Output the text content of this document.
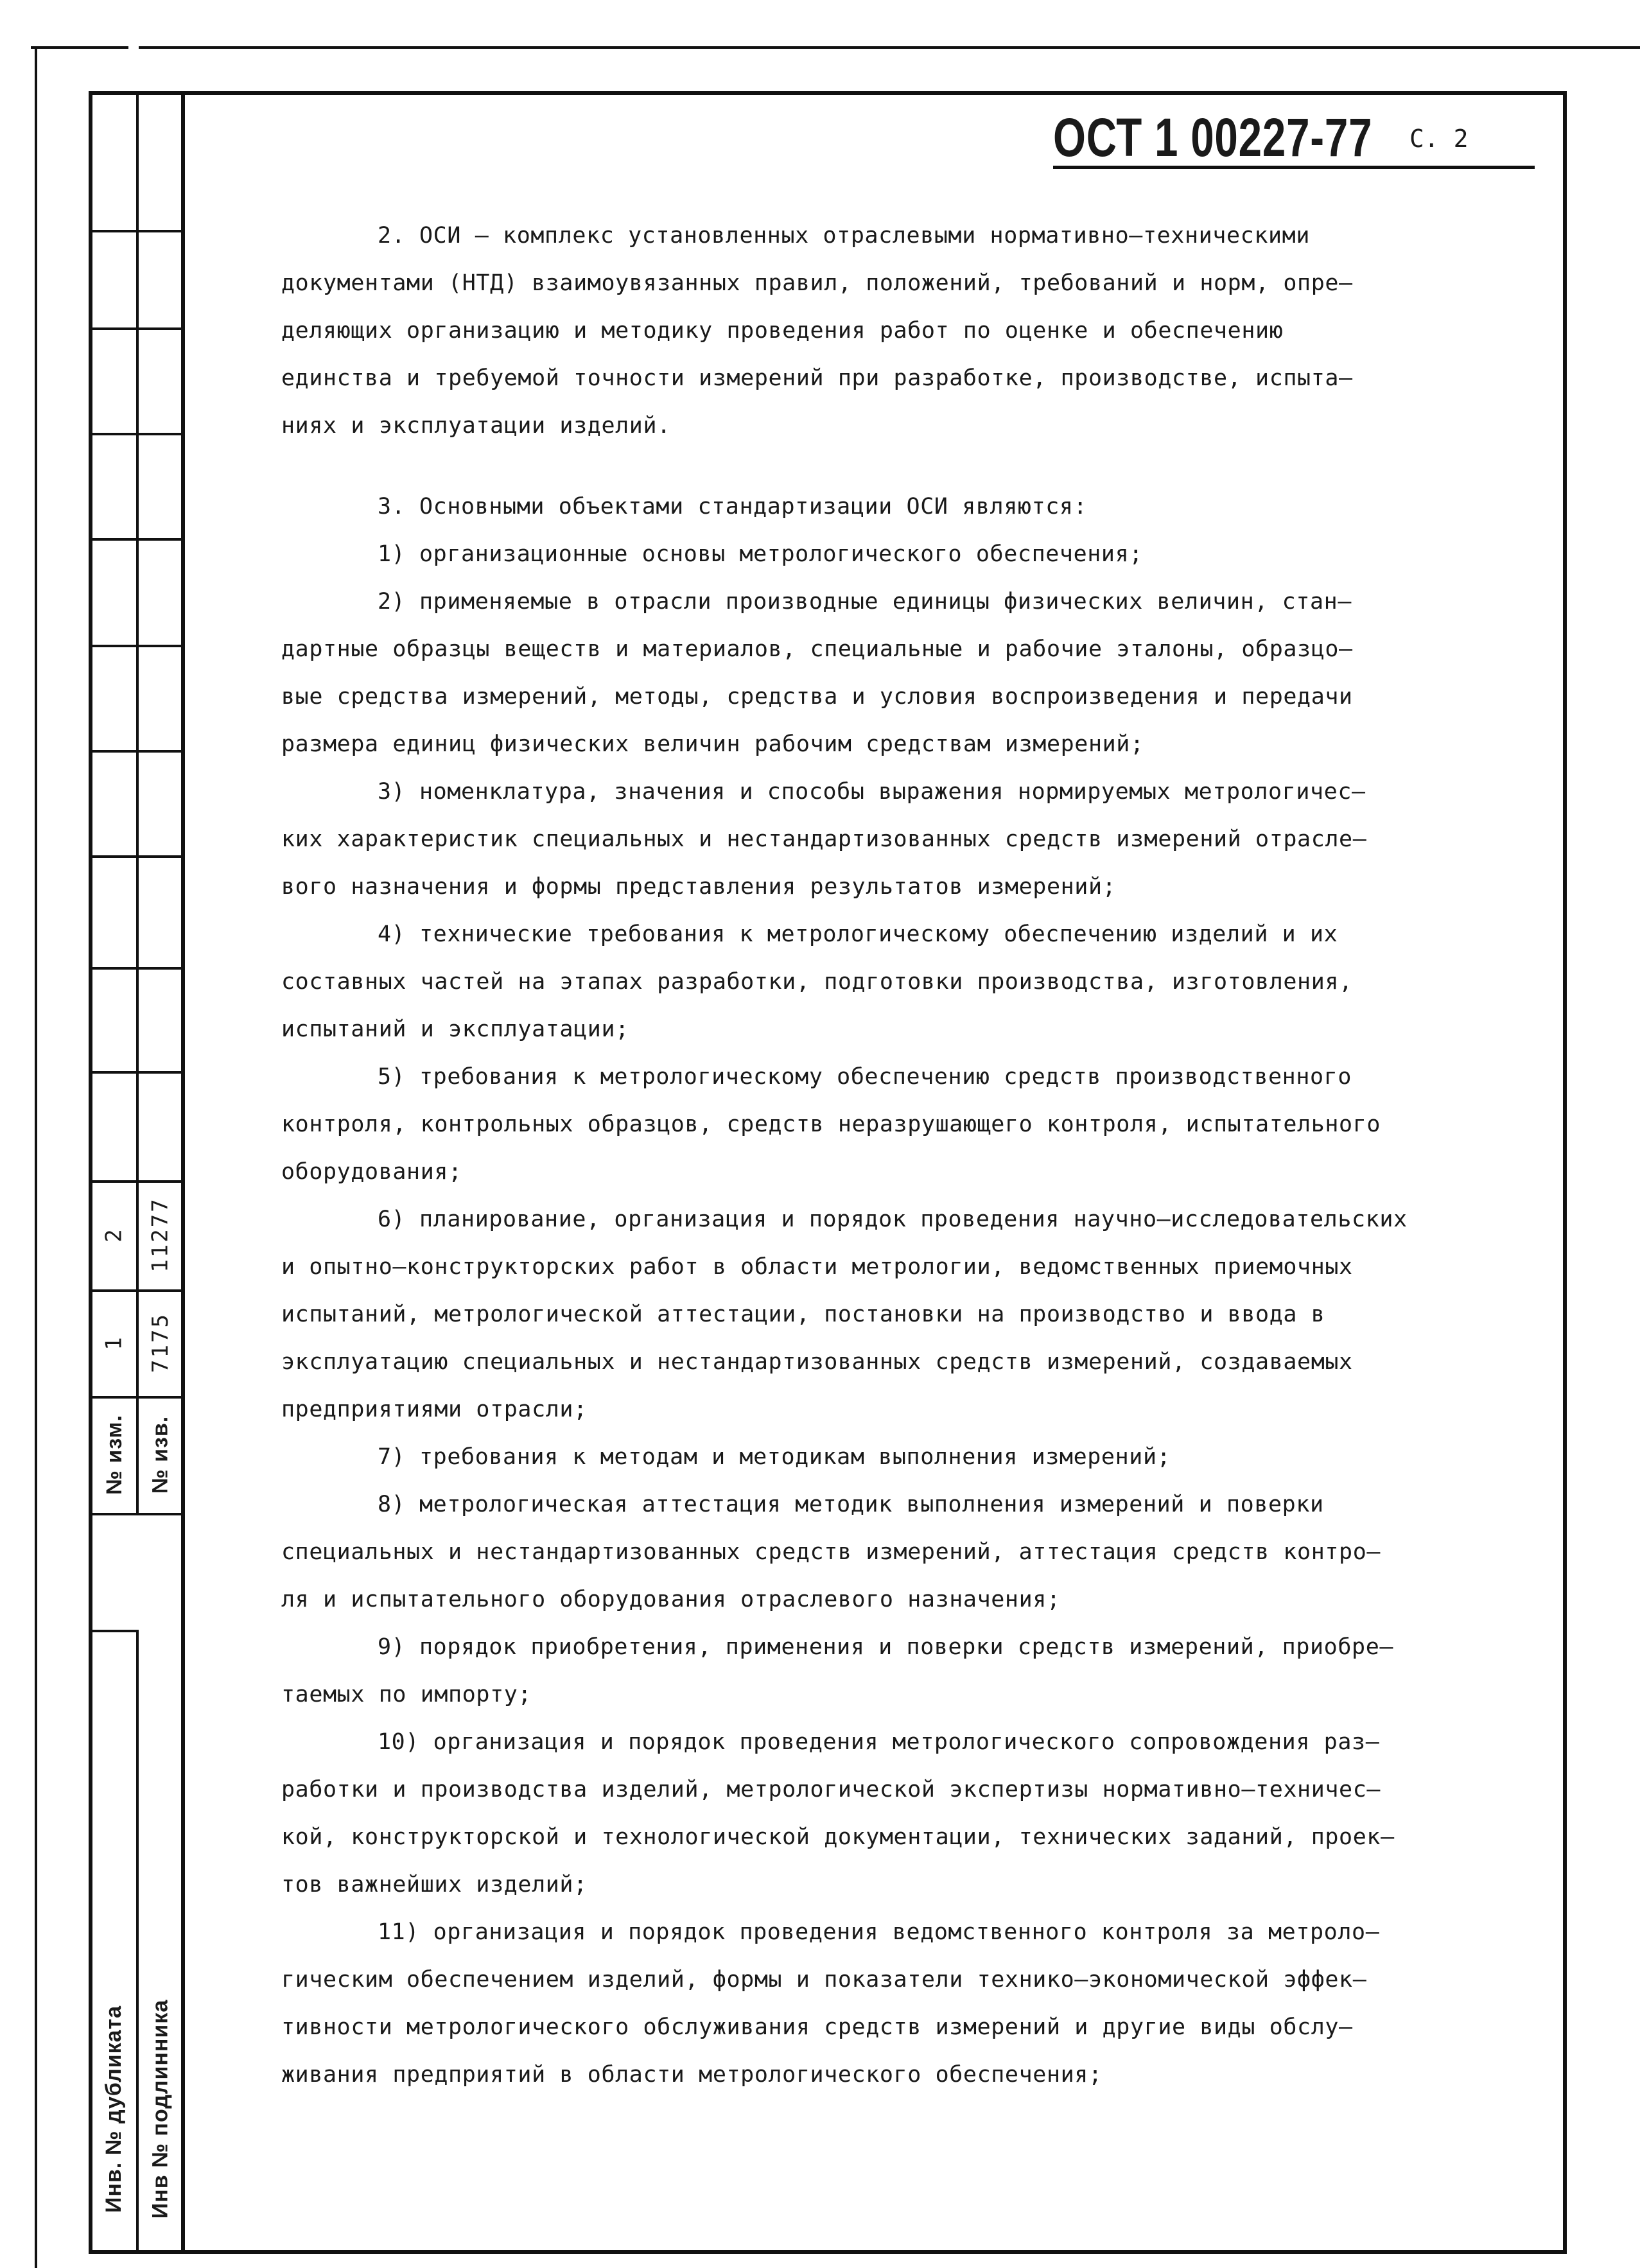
2 11277
1 7175
№ изм. № изв.
Инв. № дубликата Инв № подлинника
ОСТ 1 00227-77 С. 2
2. ОСИ – комплекс установленных отраслевыми нормативно–техническими
документами (НТД) взаимоувязанных правил, положений, требований и норм, опре–
деляющих организацию и методику проведения работ по оценке и обеспечению
единства и требуемой точности измерений при разработке, производстве, испыта–
ниях и эксплуатации изделий.
3. Основными объектами стандартизации ОСИ являются:
1) организационные основы метрологического обеспечения;
2) применяемые в отрасли производные единицы физических величин, стан–
дартные образцы веществ и материалов, специальные и рабочие эталоны, образцо–
вые средства измерений, методы, средства и условия воспроизведения и передачи
размера единиц физических величин рабочим средствам измерений;
3) номенклатура, значения и способы выражения нормируемых метрологичес–
ких характеристик специальных и нестандартизованных средств измерений отрасле–
вого назначения и формы представления результатов измерений;
4) технические требования к метрологическому обеспечению изделий и их
составных частей на этапах разработки, подготовки производства, изготовления,
испытаний и эксплуатации;
5) требования к метрологическому обеспечению средств производственного
контроля, контрольных образцов, средств неразрушающего контроля, испытательного
оборудования;
6) планирование, организация и порядок проведения научно–исследовательских
и опытно–конструкторских работ в области метрологии, ведомственных приемочных
испытаний, метрологической аттестации, постановки на производство и ввода в
эксплуатацию специальных и нестандартизованных средств измерений, создаваемых
предприятиями отрасли;
7) требования к методам и методикам выполнения измерений;
8) метрологическая аттестация методик выполнения измерений и поверки
специальных и нестандартизованных средств измерений, аттестация средств контро–
ля и испытательного оборудования отраслевого назначения;
9) порядок приобретения, применения и поверки средств измерений, приобре–
таемых по импорту;
10) организация и порядок проведения метрологического сопровождения раз–
работки и производства изделий, метрологической экспертизы нормативно–техничес–
кой, конструкторской и технологической документации, технических заданий, проек–
тов важнейших изделий;
11) организация и порядок проведения ведомственного контроля за метроло–
гическим обеспечением изделий, формы и показатели технико–экономической эффек–
тивности метрологического обслуживания средств измерений и другие виды обслу–
живания предприятий в области метрологического обеспечения;
